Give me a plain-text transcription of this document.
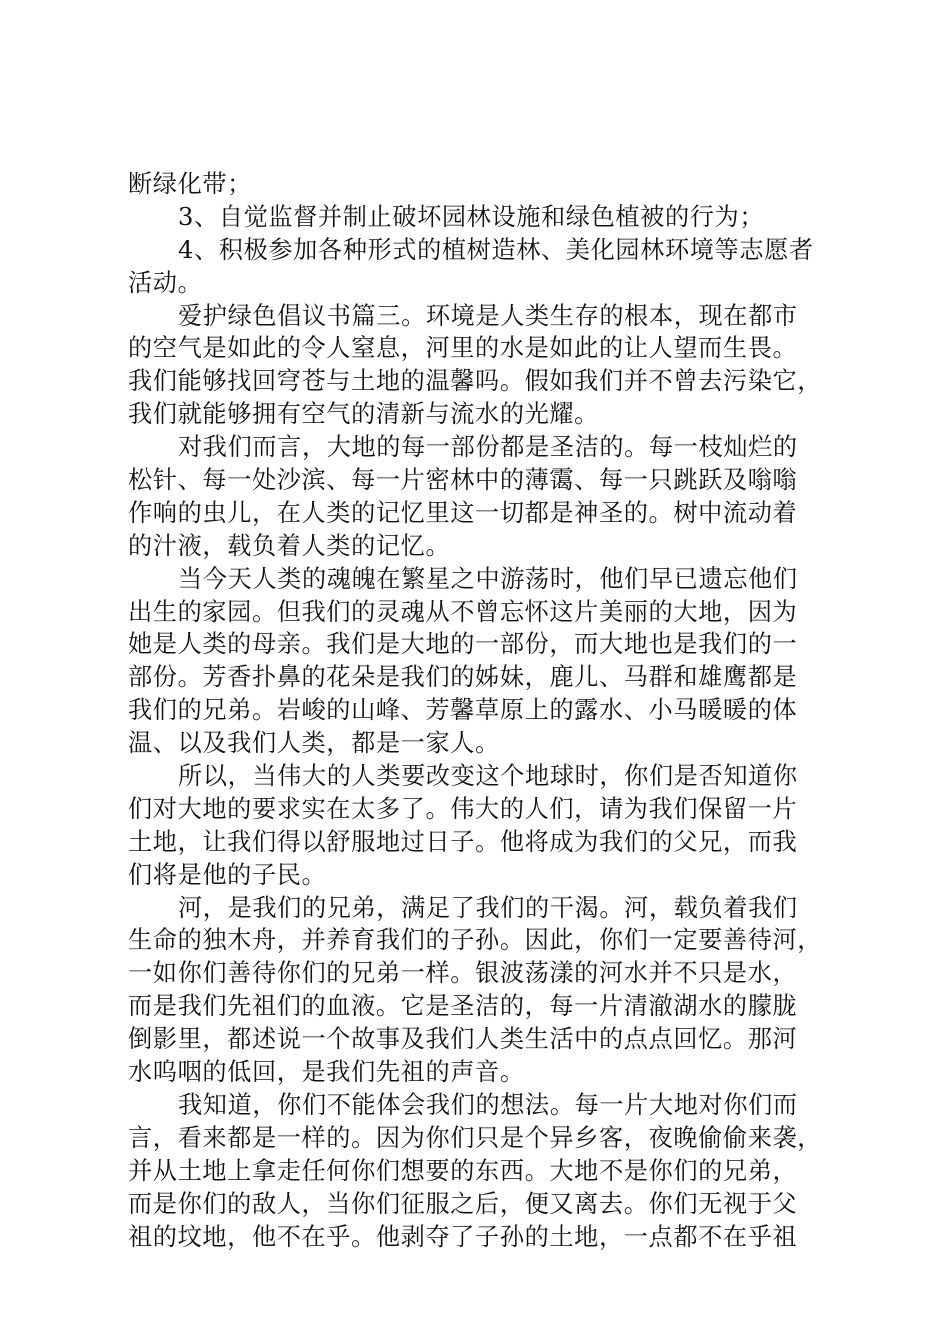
断绿化带；
3、自觉监督并制止破坏园林设施和绿色植被的行为；
4、积极参加各种形式的植树造林、美化园林环境等志愿者
活动。
爱护绿色倡议书篇三。环境是人类生存的根本，现在都市
的空气是如此的令人窒息，河里的水是如此的让人望而生畏。
我们能够找回穹苍与土地的温馨吗。假如我们并不曾去污染它，
我们就能够拥有空气的清新与流水的光耀。
对我们而言，大地的每一部份都是圣洁的。每一枝灿烂的
松针、每一处沙滨、每一片密林中的薄霭、每一只跳跃及嗡嗡
作响的虫儿，在人类的记忆里这一切都是神圣的。树中流动着
的汁液，载负着人类的记忆。
当今天人类的魂魄在繁星之中游荡时，他们早已遗忘他们
出生的家园。但我们的灵魂从不曾忘怀这片美丽的大地，因为
她是人类的母亲。我们是大地的一部份，而大地也是我们的一
部份。芳香扑鼻的花朵是我们的姊妹，鹿儿、马群和雄鹰都是
我们的兄弟。岩峻的山峰、芳馨草原上的露水、小马暖暖的体
温、以及我们人类，都是一家人。
所以，当伟大的人类要改变这个地球时，你们是否知道你
们对大地的要求实在太多了。伟大的人们，请为我们保留一片
土地，让我们得以舒服地过日子。他将成为我们的父兄，而我
们将是他的子民。
河，是我们的兄弟，满足了我们的干渴。河，载负着我们
生命的独木舟，并养育我们的子孙。因此，你们一定要善待河，
一如你们善待你们的兄弟一样。银波荡漾的河水并不只是水，
而是我们先祖们的血液。它是圣洁的，每一片清澈湖水的朦胧
倒影里，都述说一个故事及我们人类生活中的点点回忆。那河
水呜咽的低回，是我们先祖的声音。
我知道，你们不能体会我们的想法。每一片大地对你们而
言，看来都是一样的。因为你们只是个异乡客，夜晚偷偷来袭，
并从土地上拿走任何你们想要的东西。大地不是你们的兄弟，
而是你们的敌人，当你们征服之后，便又离去。你们无视于父
祖的坟地，他不在乎。他剥夺了子孙的土地，一点都不在乎祖
